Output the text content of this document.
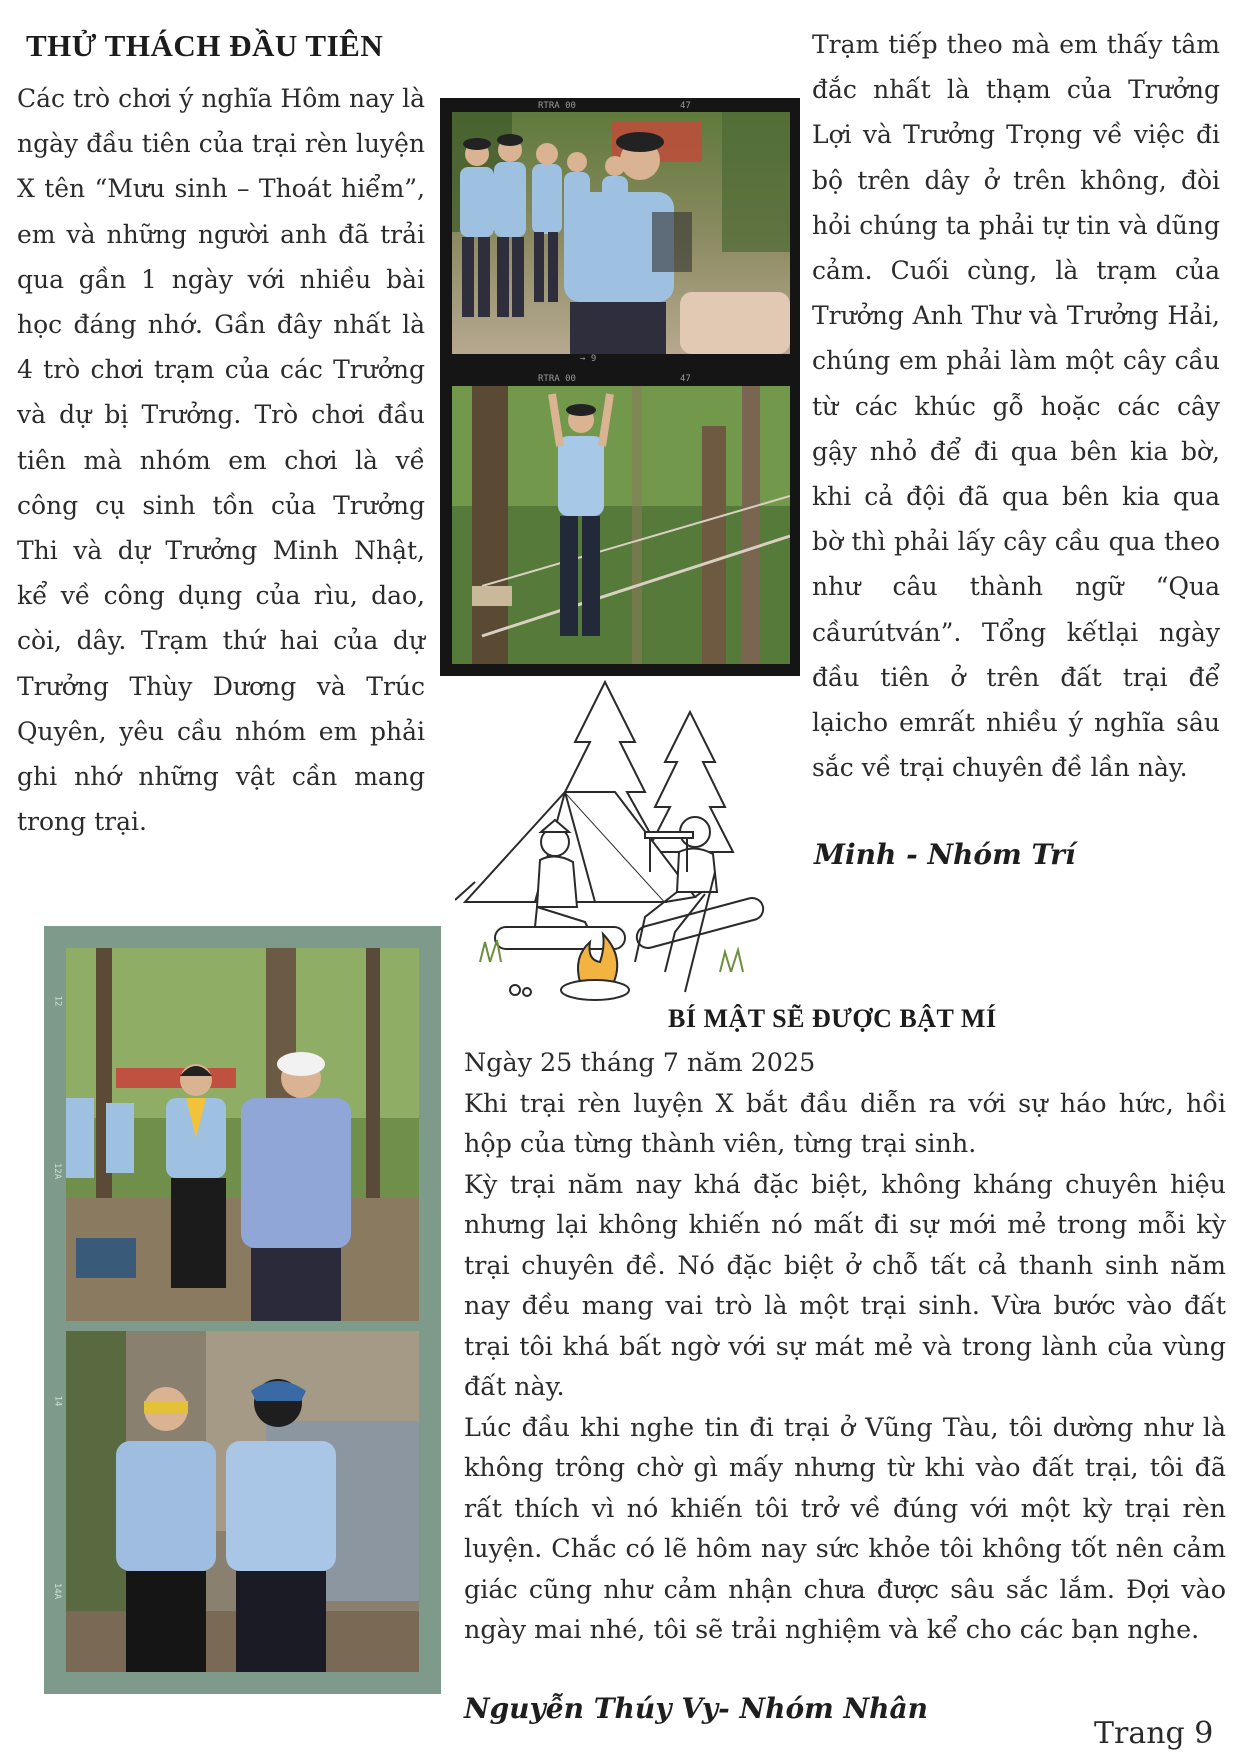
THỬ THÁCH ĐẦU TIÊN
Các trò chơi ý nghĩa Hôm nay là ngày đầu tiên của trại rèn luyện X tên “Mưu sinh – Thoát hiểm”, em và những người anh đã trải qua gần 1 ngày với nhiều bài học đáng nhớ. Gần đây nhất là 4 trò chơi trạm của các Trưởng và dự bị Trưởng. Trò chơi đầu tiên mà nhóm em chơi là về công cụ sinh tồn của Trưởng Thi và dự Trưởng Minh Nhật, kể về công dụng của rìu, dao, còi, dây. Trạm thứ hai của dự Trưởng Thùy Dương và Trúc Quyên, yêu cầu nhóm em phải ghi nhớ những vật cần mang trong trại.
Trạm tiếp theo mà em thấy tâm đắc nhất là thạm của Trưởng Lợi và Trưởng Trọng về việc đi bộ trên dây ở trên không, đòi hỏi chúng ta phải tự tin và dũng cảm. Cuối cùng, là trạm của Trưởng Anh Thư và Trưởng Hải, chúng em phải làm một cây cầu từ các khúc gỗ hoặc các cây gậy nhỏ để đi qua bên kia bờ, khi cả đội đã qua bên kia qua bờ thì phải lấy cây cầu qua theo như câu thành ngữ “Qua cầurútván”. Tổng kếtlại ngày đầu tiên ở trên đất trại để lạicho emrất nhiều ý nghĩa sâu sắc về trại chuyên đề lần này.
Minh - Nhóm Trí
RTRA 00	47
→ 9
RTRA 00	47
12
12A
14
14A
BÍ MẬT SẼ ĐƯỢC BẬT MÍ

Ngày 25 tháng 7 năm 2025

Khi trại rèn luyện X bắt đầu diễn ra với sự háo hức, hồi hộp của từng thành viên, từng trại sinh.

Kỳ trại năm nay khá đặc biệt, không kháng chuyên hiệu nhưng lại không khiến nó mất đi sự mới mẻ trong mỗi kỳ trại chuyên đề. Nó đặc biệt ở chỗ tất cả thanh sinh năm nay đều mang vai trò là một trại sinh. Vừa bước vào đất trại tôi khá bất ngờ với sự mát mẻ và trong lành của vùng đất này.

Lúc đầu khi nghe tin đi trại ở Vũng Tàu, tôi dường như là không trông chờ gì mấy nhưng từ khi vào đất trại, tôi đã rất thích vì nó khiến tôi trở về đúng với một kỳ trại rèn luyện. Chắc có lẽ hôm nay sức khỏe tôi không tốt nên cảm giác cũng như cảm nhận chưa được sâu sắc lắm. Đợi vào ngày mai nhé, tôi sẽ trải nghiệm và kể cho các bạn nghe.

Nguyễn Thúy Vy- Nhóm Nhân
Trang 9
